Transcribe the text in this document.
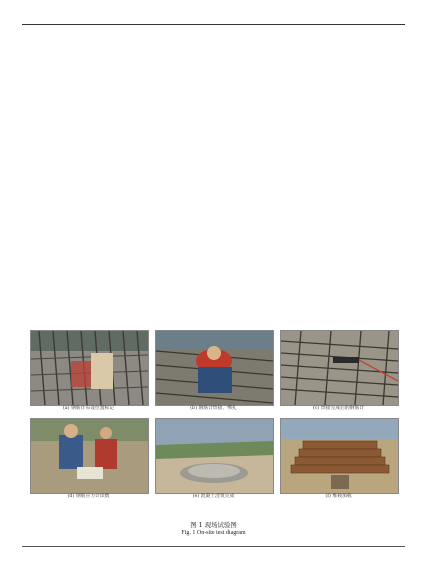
(a) 钢筋计布设位置标记	(b) 钢筋计焊接、绑扎	(c) 焊接完成后的钢筋计
(d) 钢筋应力计读数	(e) 混凝土浇筑完成	(f) 堆载加载
图 1 现场试验图
Fig. 1 On-site test diagram
